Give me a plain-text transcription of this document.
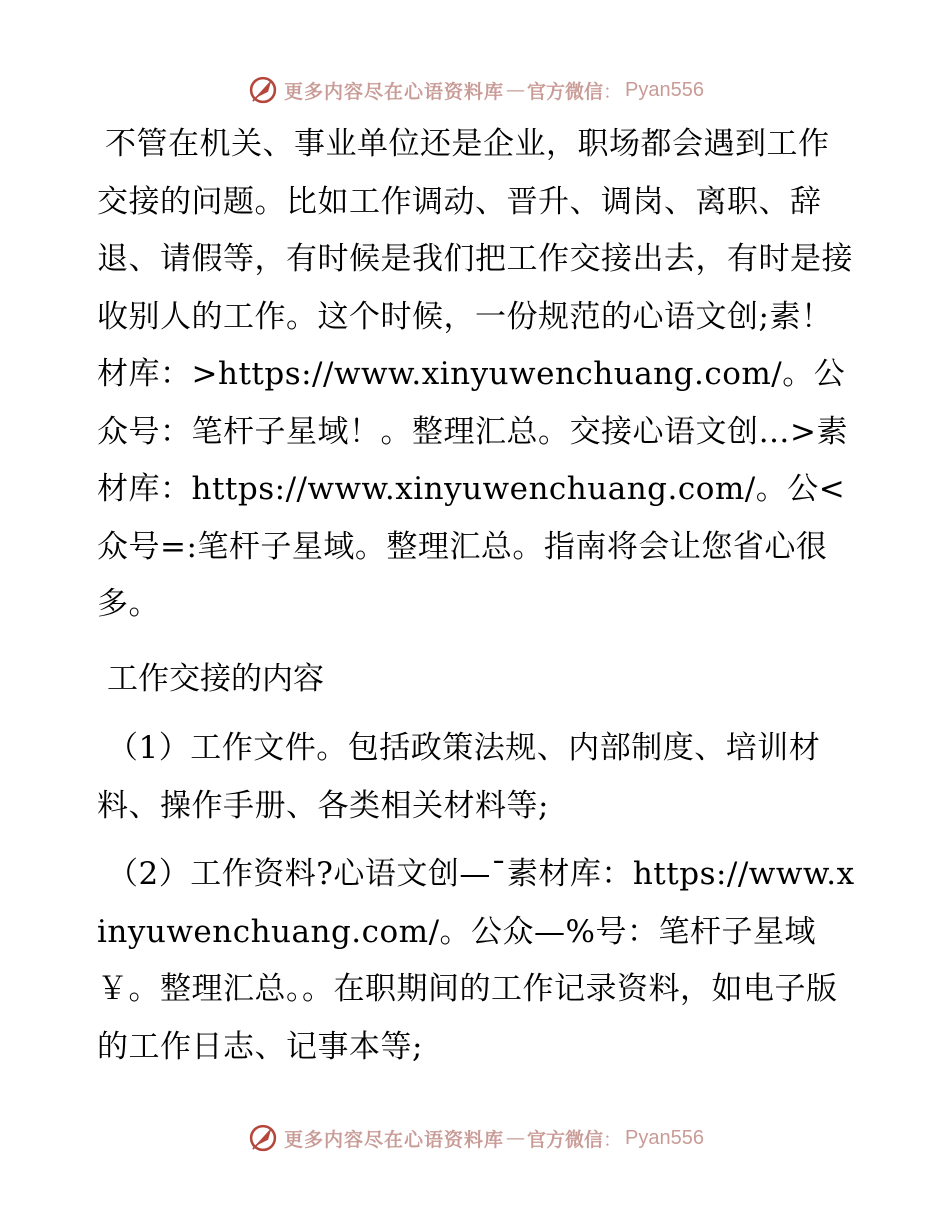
更多内容尽在心语资料库 — 官方微信 ： Pyan556

不管在机关、事业单位还是企业，职场都会遇到工作交接的问题。比如工作调动、晋升、调岗、离职、辞退、请假等，有时候是我们把工作交接出去，有时是接收别人的工作。这个时候，一份规范的心语文创;素！材库：>https://www.xinyuwenchuang.com/。公众号：笔杆子星域！。整理汇总。交接心语文创…>素材库：https://www.xinyuwenchuang.com/。公<众号=:笔杆子星域。整理汇总。指南将会让您省心很多。

工作交接的内容

（1）工作文件。包括政策法规、内部制度、培训材料、操作手册、各类相关材料等;

（2）工作资料?心语文创—¯素材库：https://www.xinyuwenchuang.com/。公众—%号：笔杆子星域￥。整理汇总。。在职期间的工作记录资料，如电子版的工作日志、记事本等;

更多内容尽在心语资料库 — 官方微信 ： Pyan556
